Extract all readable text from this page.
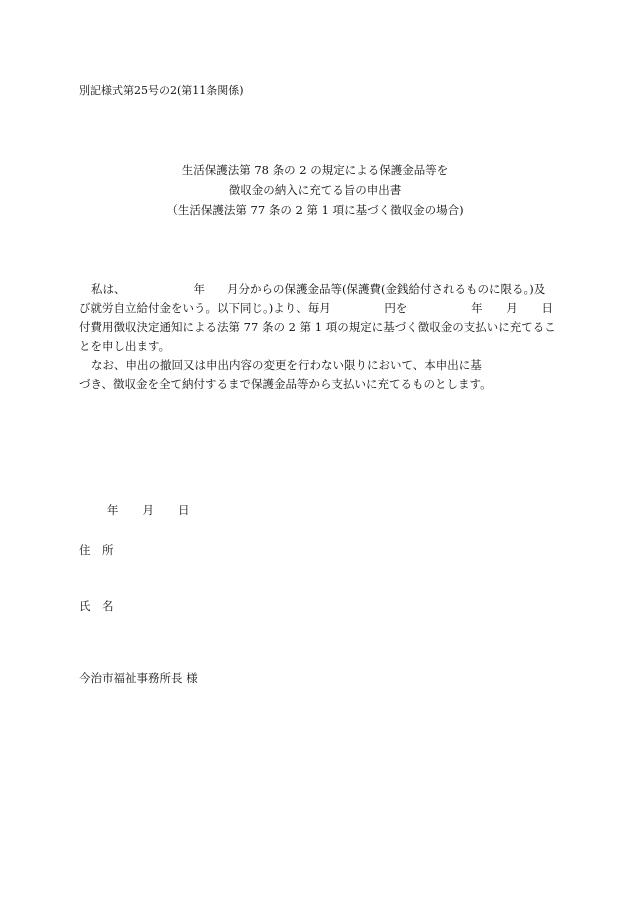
別記様式第25号の2(第11条関係)
生活保護法第 78 条の 2 の規定による保護金品等を
徴収金の納入に充てる旨の申出書
（生活保護法第 77 条の 2 第 1 項に基づく徴収金の場合)
私は、	年 月分からの保護金品等(保護費(金銭給付されるものに限る。)及
び就労自立給付金をいう。以下同じ。)より、毎月	円を	年 月 日
付費用徴収決定通知による法第 77 条の 2 第 1 項の規定に基づく徴収金の支払いに充てるこ
とを申し出ます。
なお、申出の撤回又は申出内容の変更を行わない限りにおいて、本申出に基
づき、徴収金を全て納付するまで保護金品等から支払いに充てるものとします。
年 月 日
住　所
氏　名
今治市福祉事務所長 様
